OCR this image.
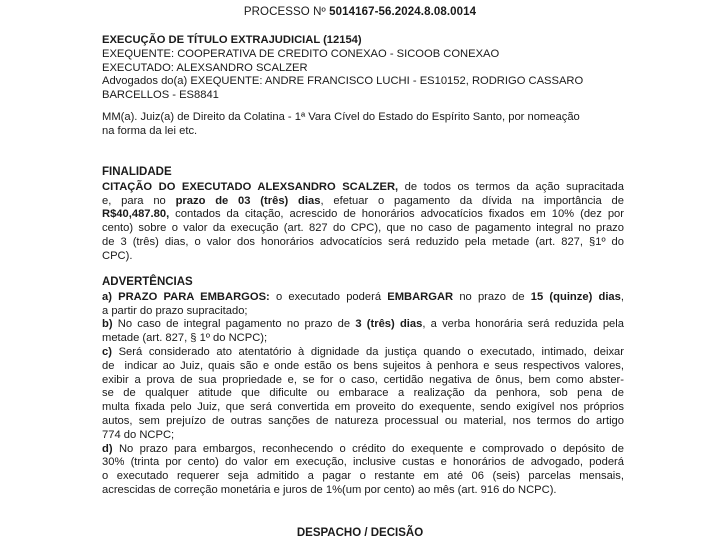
PROCESSO Nº 5014167-56.2024.8.08.0014

EXECUÇÃO DE TÍTULO EXTRAJUDICIAL (12154)

EXEQUENTE: COOPERATIVA DE CREDITO CONEXAO - SICOOB CONEXAO

EXECUTADO: ALEXSANDRO SCALZER

Advogados do(a) EXEQUENTE: ANDRE FRANCISCO LUCHI - ES10152, RODRIGO CASSARO

BARCELLOS - ES8841

MM(a). Juiz(a) de Direito da Colatina - 1ª Vara Cível do Estado do Espírito Santo, por nomeação

na forma da lei etc.

FINALIDADE

CITAÇÃO DO EXECUTADO ALEXSANDRO SCALZER, de todos os termos da ação supracitada

e, para no prazo de 03 (três) dias, efetuar o pagamento da dívida na importância de

R$40,487.80, contados da citação, acrescido de honorários advocatícios fixados em 10% (dez por

cento) sobre o valor da execução (art. 827 do CPC), que no caso de pagamento integral no prazo

de 3 (três) dias, o valor dos honorários advocatícios será reduzido pela metade (art. 827, §1º do

CPC).

ADVERTÊNCIAS

a) PRAZO PARA EMBARGOS: o executado poderá EMBARGAR no prazo de 15 (quinze) dias,

a partir do prazo supracitado;

b) No caso de integral pagamento no prazo de 3 (três) dias, a verba honorária será reduzida pela

metade (art. 827, § 1º do NCPC);

c) Será considerado ato atentatório à dignidade da justiça quando o executado, intimado, deixar

de  indicar ao Juiz, quais são e onde estão os bens sujeitos à penhora e seus respectivos valores,

exibir a prova de sua propriedade e, se for o caso, certidão negativa de ônus, bem como abster-

se de qualquer atitude que dificulte ou embarace a realização da penhora, sob pena de

multa fixada pelo Juiz, que será convertida em proveito do exequente, sendo exigível nos próprios

autos, sem prejuízo de outras sanções de natureza processual ou material, nos termos do artigo

774 do NCPC;

d) No prazo para embargos, reconhecendo o crédito do exequente e comprovado o depósito de

30% (trinta por cento) do valor em execução, inclusive custas e honorários de advogado, poderá

o executado requerer seja admitido a pagar o restante em até 06 (seis) parcelas mensais,

acrescidas de correção monetária e juros de 1%(um por cento) ao mês (art. 916 do NCPC).

DESPACHO / DECISÃO
